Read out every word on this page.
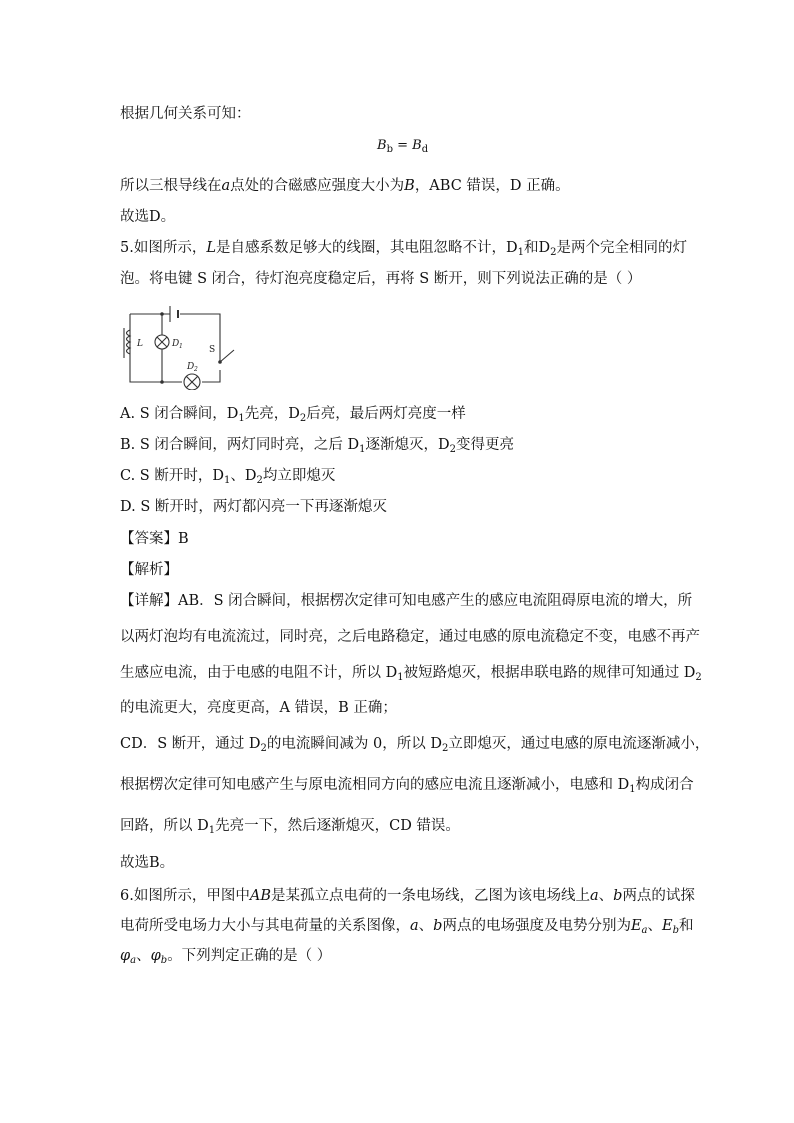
根据几何关系可知：
$B_b = B_d$
所以三根导线在a点处的合磁感应强度大小为B，ABC 错误，D 正确。
故选D。
5.如图所示，L是自感系数足够大的线圈，其电阻忽略不计，$D_1$和$D_2$是两个完全相同的灯
泡。将电键 S 闭合，待灯泡亮度稳定后，再将 S 断开，则下列说法正确的是（ ）
L	D 1
D 2
S
A. S 闭合瞬间，$D_1$先亮，$D_2$后亮，最后两灯亮度一样
B. S 闭合瞬间，两灯同时亮，之后 $D_1$逐渐熄灭，$D_2$变得更亮
C. S 断开时，$D_1$、$D_2$均立即熄灭
D. S 断开时，两灯都闪亮一下再逐渐熄灭
【答案】B
【解析】
【详解】AB．S 闭合瞬间，根据楞次定律可知电感产生的感应电流阻碍原电流的增大，所
以两灯泡均有电流流过，同时亮，之后电路稳定，通过电感的原电流稳定不变，电感不再产
生感应电流，由于电感的电阻不计，所以 $D_1$被短路熄灭，根据串联电路的规律可知通过 $D_2$
的电流更大，亮度更高，A 错误，B 正确；
CD．S 断开，通过 $D_2$的电流瞬间减为 0，所以 $D_2$立即熄灭，通过电感的原电流逐渐减小，
根据楞次定律可知电感产生与原电流相同方向的感应电流且逐渐减小，电感和 $D_1$构成闭合
回路，所以 $D_1$先亮一下，然后逐渐熄灭，CD 错误。
故选B。
6.如图所示，甲图中AB是某孤立点电荷的一条电场线，乙图为该电场线上a、b两点的试探
电荷所受电场力大小与其电荷量的关系图像，a、b两点的电场强度及电势分别为$E_a$、$E_b$和
$\varphi_a$、$\varphi_b$。下列判定正确的是（ ）
